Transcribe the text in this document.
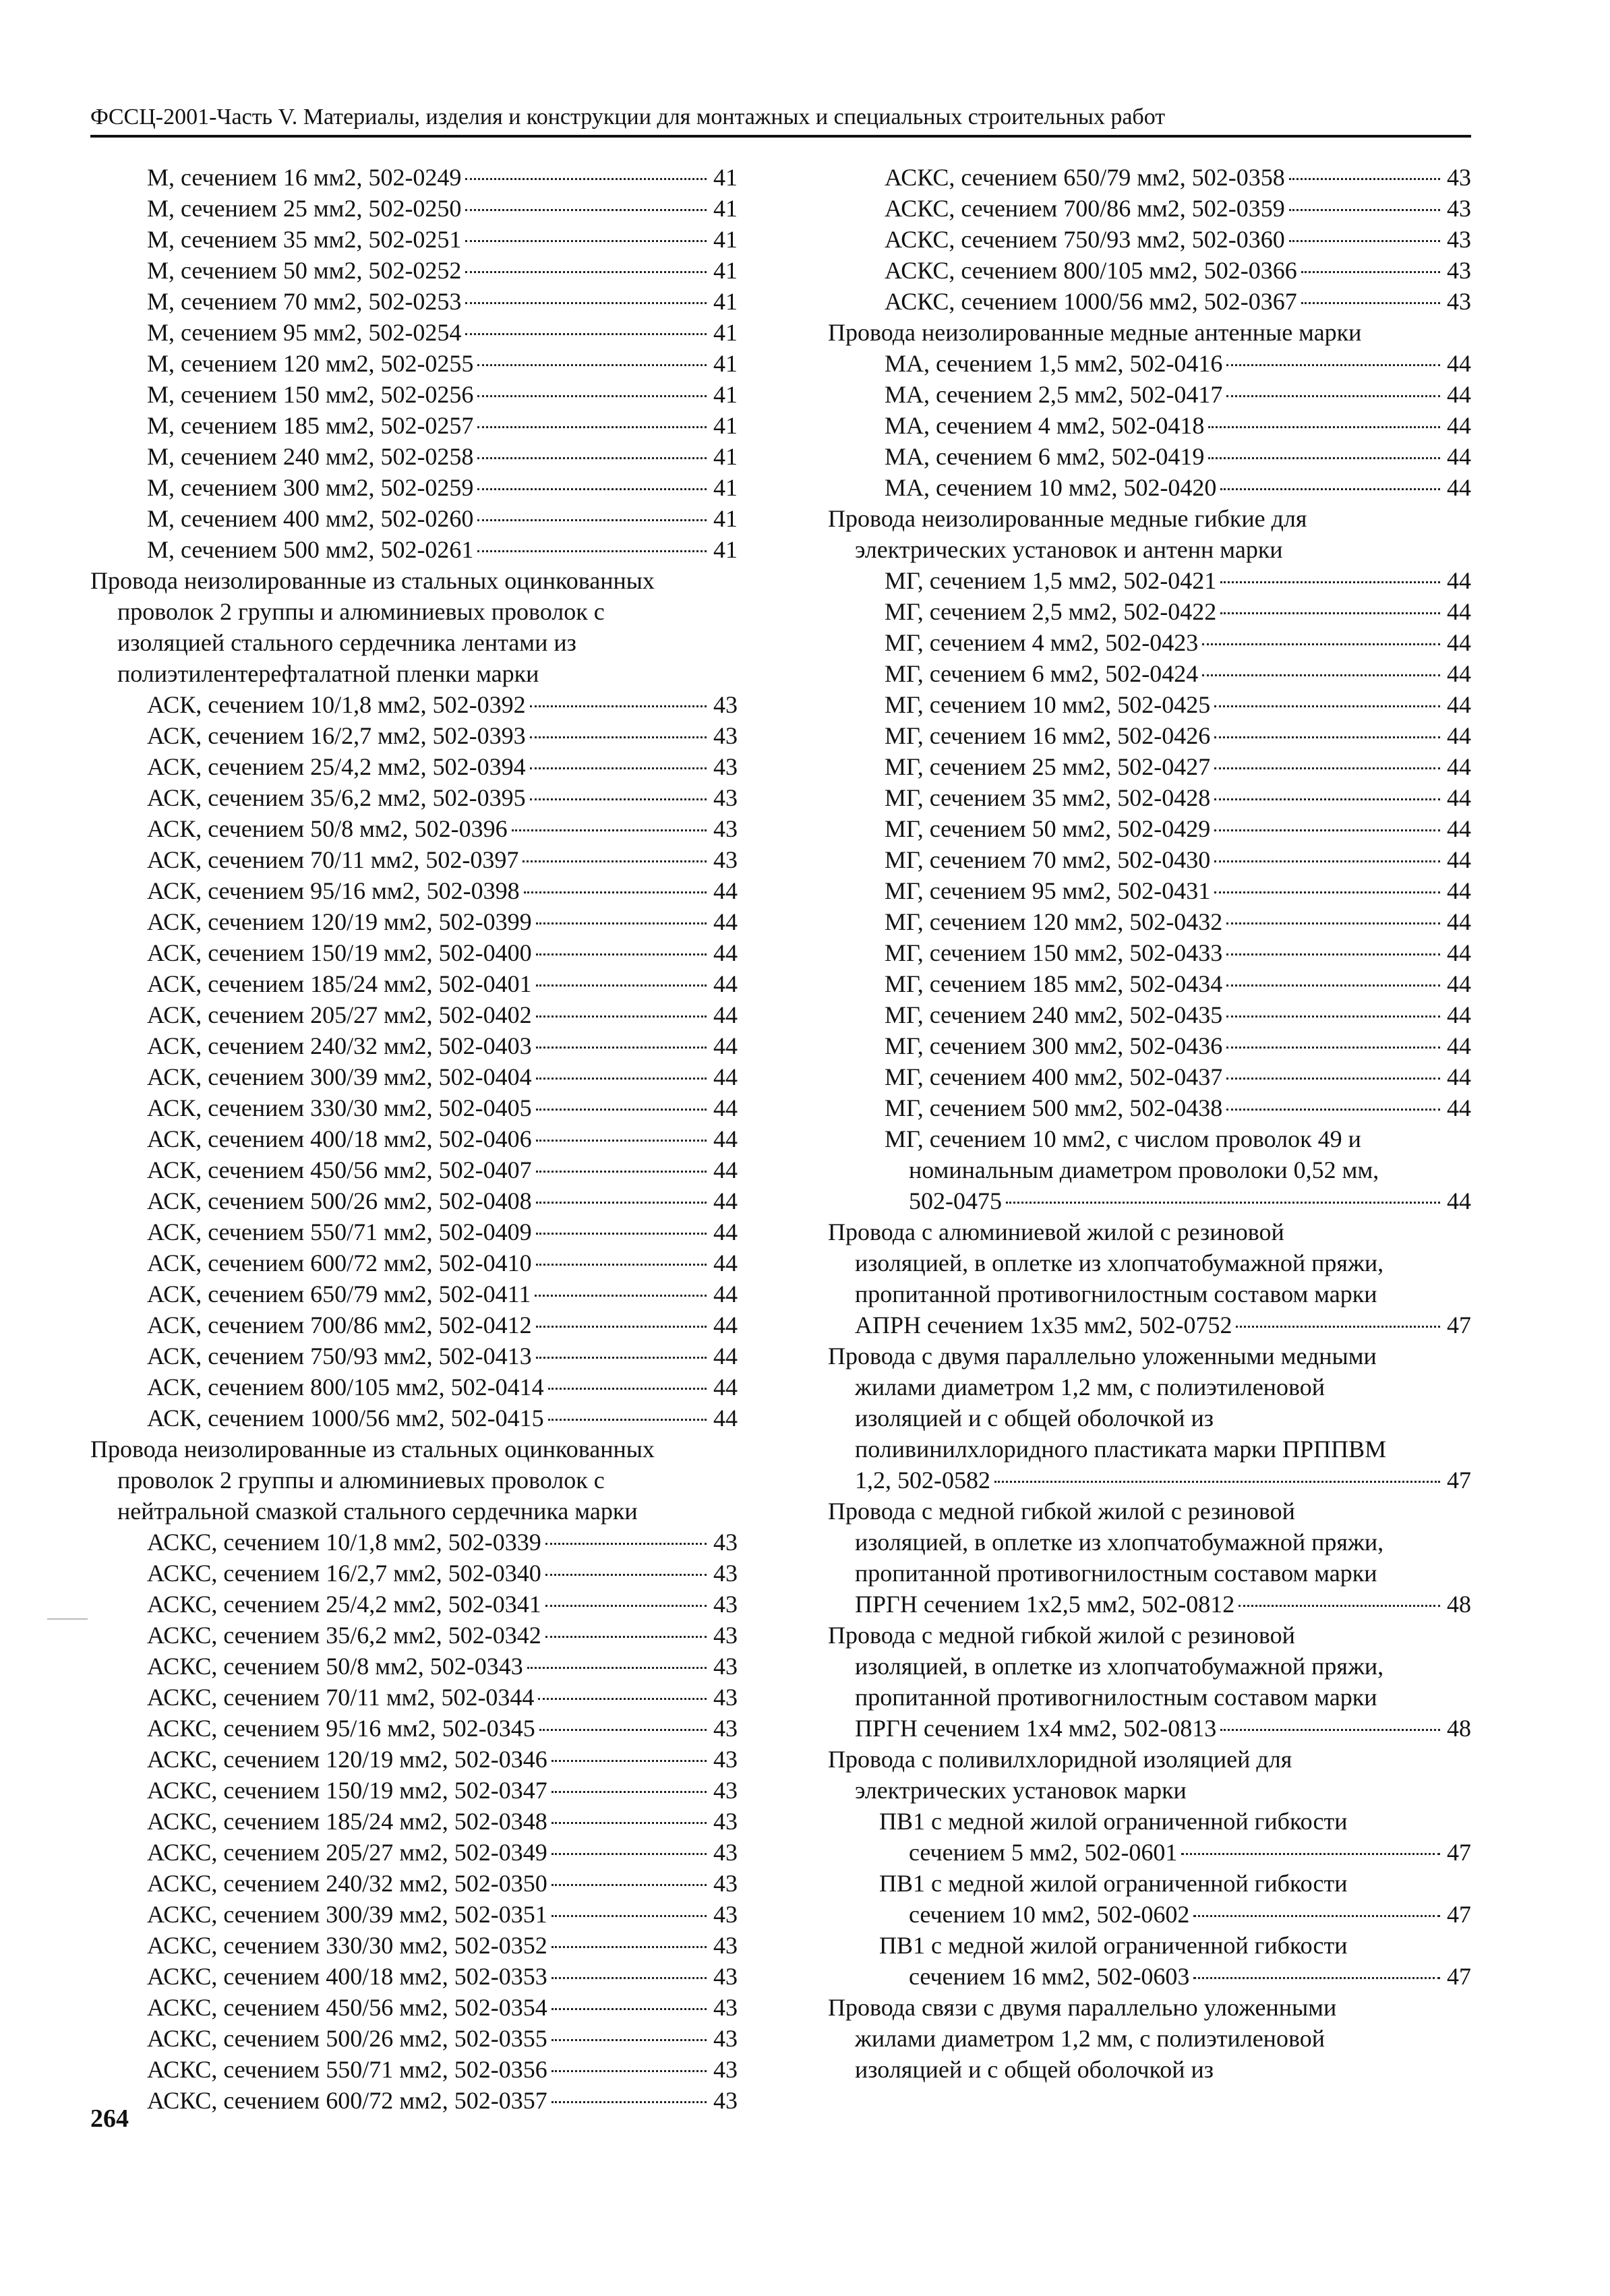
ФССЦ-2001-Часть V. Материалы, изделия и конструкции для монтажных и специальных строительных работ
М, сечением 16 мм2, 502-0249	41
М, сечением 25 мм2, 502-0250	41
М, сечением 35 мм2, 502-0251	41
М, сечением 50 мм2, 502-0252	41
М, сечением 70 мм2, 502-0253	41
М, сечением 95 мм2, 502-0254	41
М, сечением 120 мм2, 502-0255	41
М, сечением 150 мм2, 502-0256	41
М, сечением 185 мм2, 502-0257	41
М, сечением 240 мм2, 502-0258	41
М, сечением 300 мм2, 502-0259	41
М, сечением 400 мм2, 502-0260	41
М, сечением 500 мм2, 502-0261	41
Провода неизолированные из стальных оцинкованных
проволок 2 группы и алюминиевых проволок с
изоляцией стального сердечника лентами из
полиэтилентерефталатной пленки марки
АСК, сечением 10/1,8 мм2, 502-0392	43
АСК, сечением 16/2,7 мм2, 502-0393	43
АСК, сечением 25/4,2 мм2, 502-0394	43
АСК, сечением 35/6,2 мм2, 502-0395	43
АСК, сечением 50/8 мм2, 502-0396	43
АСК, сечением 70/11 мм2, 502-0397	43
АСК, сечением 95/16 мм2, 502-0398	44
АСК, сечением 120/19 мм2, 502-0399	44
АСК, сечением 150/19 мм2, 502-0400	44
АСК, сечением 185/24 мм2, 502-0401	44
АСК, сечением 205/27 мм2, 502-0402	44
АСК, сечением 240/32 мм2, 502-0403	44
АСК, сечением 300/39 мм2, 502-0404	44
АСК, сечением 330/30 мм2, 502-0405	44
АСК, сечением 400/18 мм2, 502-0406	44
АСК, сечением 450/56 мм2, 502-0407	44
АСК, сечением 500/26 мм2, 502-0408	44
АСК, сечением 550/71 мм2, 502-0409	44
АСК, сечением 600/72 мм2, 502-0410	44
АСК, сечением 650/79 мм2, 502-0411	44
АСК, сечением 700/86 мм2, 502-0412	44
АСК, сечением 750/93 мм2, 502-0413	44
АСК, сечением 800/105 мм2, 502-0414	44
АСК, сечением 1000/56 мм2, 502-0415	44
Провода неизолированные из стальных оцинкованных
проволок 2 группы и алюминиевых проволок с
нейтральной смазкой стального сердечника марки
АСКС, сечением 10/1,8 мм2, 502-0339	43
АСКС, сечением 16/2,7 мм2, 502-0340	43
АСКС, сечением 25/4,2 мм2, 502-0341	43
АСКС, сечением 35/6,2 мм2, 502-0342	43
АСКС, сечением 50/8 мм2, 502-0343	43
АСКС, сечением 70/11 мм2, 502-0344	43
АСКС, сечением 95/16 мм2, 502-0345	43
АСКС, сечением 120/19 мм2, 502-0346	43
АСКС, сечением 150/19 мм2, 502-0347	43
АСКС, сечением 185/24 мм2, 502-0348	43
АСКС, сечением 205/27 мм2, 502-0349	43
АСКС, сечением 240/32 мм2, 502-0350	43
АСКС, сечением 300/39 мм2, 502-0351	43
АСКС, сечением 330/30 мм2, 502-0352	43
АСКС, сечением 400/18 мм2, 502-0353	43
АСКС, сечением 450/56 мм2, 502-0354	43
АСКС, сечением 500/26 мм2, 502-0355	43
АСКС, сечением 550/71 мм2, 502-0356	43
АСКС, сечением 600/72 мм2, 502-0357	43
АСКС, сечением 650/79 мм2, 502-0358	43
АСКС, сечением 700/86 мм2, 502-0359	43
АСКС, сечением 750/93 мм2, 502-0360	43
АСКС, сечением 800/105 мм2, 502-0366	43
АСКС, сечением 1000/56 мм2, 502-0367	43
Провода неизолированные медные антенные марки
МА, сечением 1,5 мм2, 502-0416	44
МА, сечением 2,5 мм2, 502-0417	44
МА, сечением 4 мм2, 502-0418	44
МА, сечением 6 мм2, 502-0419	44
МА, сечением 10 мм2, 502-0420	44
Провода неизолированные медные гибкие для
электрических установок и антенн марки
МГ, сечением 1,5 мм2, 502-0421	44
МГ, сечением 2,5 мм2, 502-0422	44
МГ, сечением 4 мм2, 502-0423	44
МГ, сечением 6 мм2, 502-0424	44
МГ, сечением 10 мм2, 502-0425	44
МГ, сечением 16 мм2, 502-0426	44
МГ, сечением 25 мм2, 502-0427	44
МГ, сечением 35 мм2, 502-0428	44
МГ, сечением 50 мм2, 502-0429	44
МГ, сечением 70 мм2, 502-0430	44
МГ, сечением 95 мм2, 502-0431	44
МГ, сечением 120 мм2, 502-0432	44
МГ, сечением 150 мм2, 502-0433	44
МГ, сечением 185 мм2, 502-0434	44
МГ, сечением 240 мм2, 502-0435	44
МГ, сечением 300 мм2, 502-0436	44
МГ, сечением 400 мм2, 502-0437	44
МГ, сечением 500 мм2, 502-0438	44
МГ, сечением 10 мм2, с числом проволок 49 и
номинальным диаметром проволоки 0,52 мм,
502-0475	44
Провода с алюминиевой жилой с резиновой
изоляцией, в оплетке из хлопчатобумажной пряжи,
пропитанной противогнилостным составом марки
АПРН сечением 1х35 мм2, 502-0752	47
Провода с двумя параллельно уложенными медными
жилами диаметром 1,2 мм, с полиэтиленовой
изоляцией и с общей оболочкой из
поливинилхлоридного пластиката марки ПРППВМ
1,2, 502-0582	47
Провода с медной гибкой жилой с резиновой
изоляцией, в оплетке из хлопчатобумажной пряжи,
пропитанной противогнилостным составом марки
ПРГН сечением 1х2,5 мм2, 502-0812	48
Провода с медной гибкой жилой с резиновой
изоляцией, в оплетке из хлопчатобумажной пряжи,
пропитанной противогнилостным составом марки
ПРГН сечением 1х4 мм2, 502-0813	48
Провода с поливилхлоридной изоляцией для
электрических установок марки
ПВ1 с медной жилой ограниченной гибкости
сечением 5 мм2, 502-0601	47
ПВ1 с медной жилой ограниченной гибкости
сечением 10 мм2, 502-0602	47
ПВ1 с медной жилой ограниченной гибкости
сечением 16 мм2, 502-0603	47
Провода связи с двумя параллельно уложенными
жилами диаметром 1,2 мм, с полиэтиленовой
изоляцией и с общей оболочкой из
264
